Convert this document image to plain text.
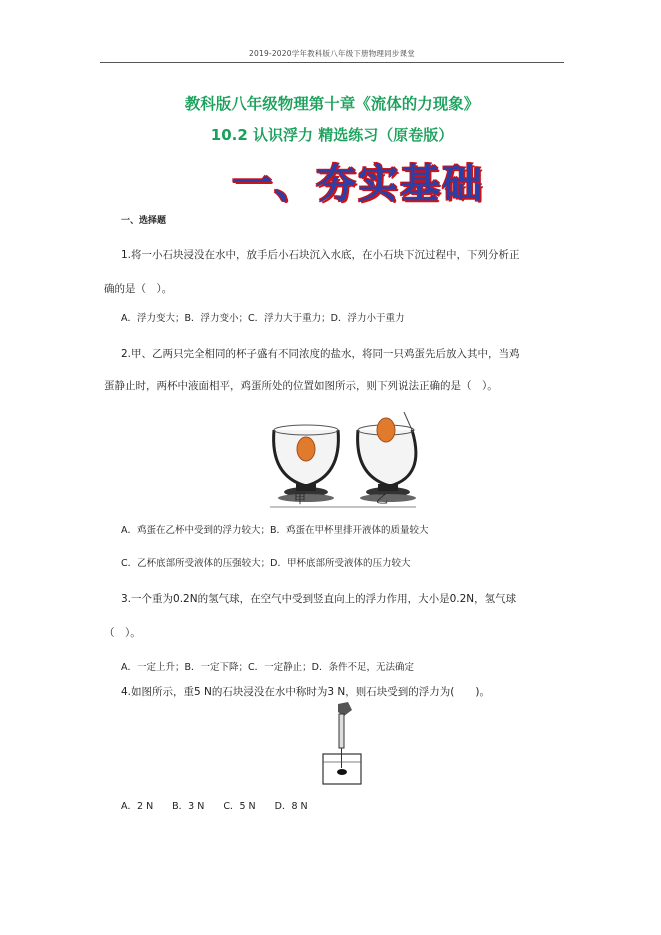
2019-2020学年教科版八年级下册物理同步课堂
教科版八年级物理第十章《流体的力现象》
10.2 认识浮力 精选练习（原卷版）
一、夯实基础
一、选择题
1.将一小石块浸没在水中，放手后小石块沉入水底，在小石块下沉过程中，下列分析正
确的是（　）。
A．浮力变大；B．浮力变小；C．浮力大于重力；D．浮力小于重力
2.甲、乙两只完全相同的杯子盛有不同浓度的盐水，将同一只鸡蛋先后放入其中，当鸡
蛋静止时，两杯中液面相平，鸡蛋所处的位置如图所示，则下列说法正确的是（　）。
甲	乙
A．鸡蛋在乙杯中受到的浮力较大；B．鸡蛋在甲杯里排开液体的质量较大
C．乙杯底部所受液体的压强较大；D．甲杯底部所受液体的压力较大
3.一个重为0.2N的氢气球，在空气中受到竖直向上的浮力作用，大小是0.2N，氢气球
（　）。
A．一定上升；B．一定下降；C．一定静止；D．条件不足，无法确定
4.如图所示，重5 N的石块浸没在水中称时为3 N，则石块受到的浮力为(　　)。
A．2 N　　B．3 N　　C．5 N　　D．8 N
